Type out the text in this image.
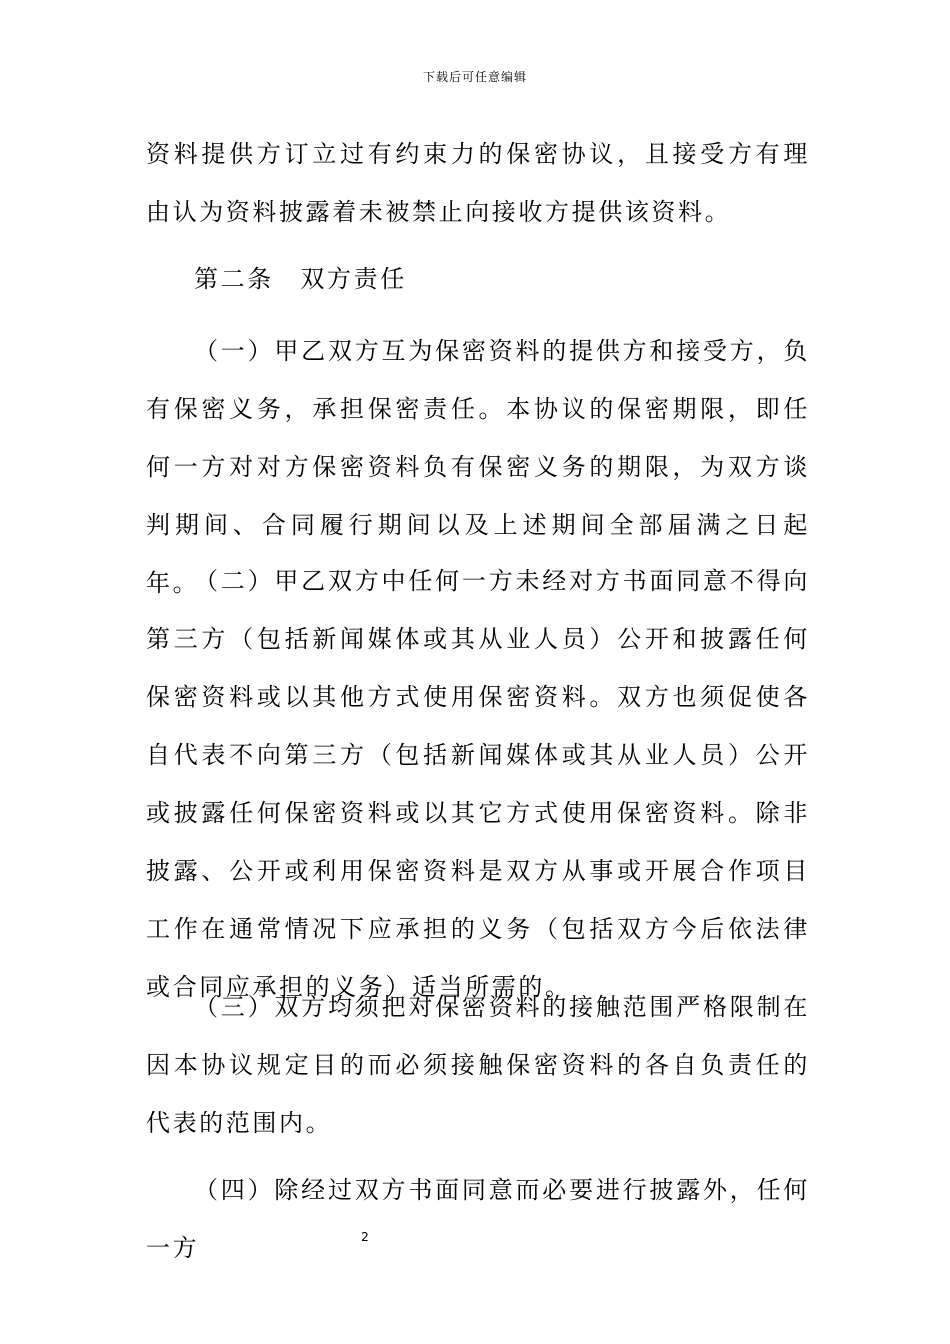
下载后可任意编辑

资料提供方订立过有约束力的保密协议，且接受方有理由认为资料披露着未被禁止向接收方提供该资料。

第二条　双方责任

（一）甲乙双方互为保密资料的提供方和接受方，负有保密义务，承担保密责任。本协议的保密期限，即任何一方对对方保密资料负有保密义务的期限，为双方谈判期间、合同履行期间以及上述期间全部届满之日起　　　年。

（二）甲乙双方中任何一方未经对方书面同意不得向第三方（包括新闻媒体或其从业人员）公开和披露任何保密资料或以其他方式使用保密资料。双方也须促使各自代表不向第三方（包括新闻媒体或其从业人员）公开或披露任何保密资料或以其它方式使用保密资料。除非披露、公开或利用保密资料是双方从事或开展合作项目工作在通常情况下应承担的义务（包括双方今后依法律或合同应承担的义务）适当所需的。

（三）双方均须把对保密资料的接触范围严格限制在因本协议规定目的而必须接触保密资料的各自负责任的代表的范围内。

（四）除经过双方书面同意而必要进行披露外，任何一方	2
